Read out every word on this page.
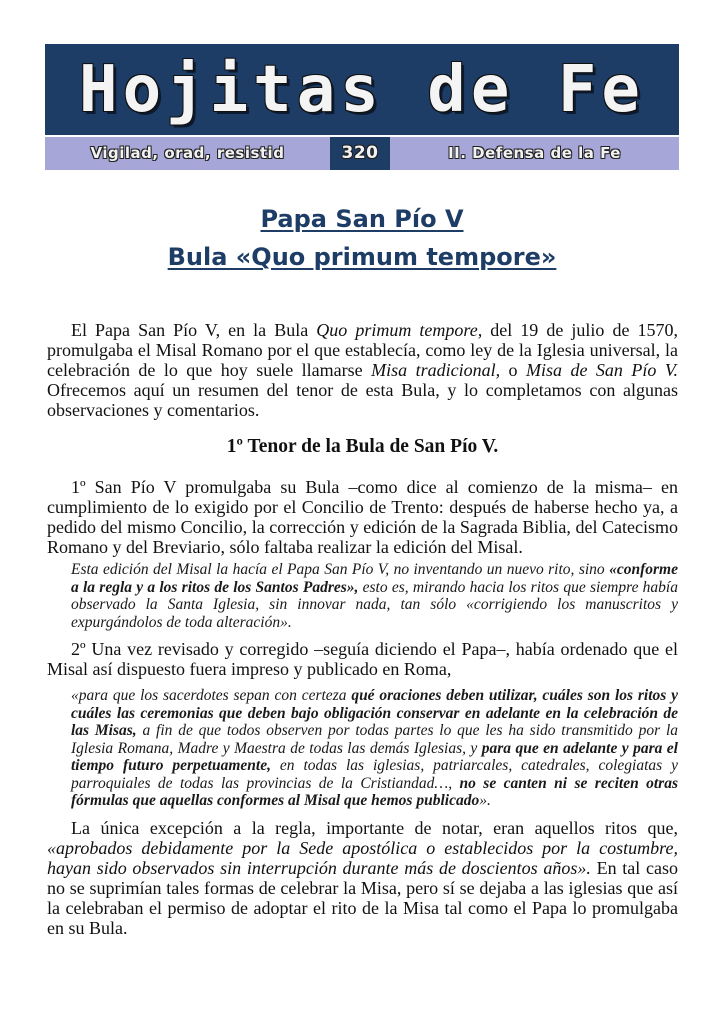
Hojitas de Fe
Vigilad, orad, resistid	320	II. Defensa de la Fe
Papa San Pío V
Bula «Quo primum tempore»

El Papa San Pío V, en la Bula Quo primum tempore, del 19 de julio de 1570, promulgaba el Misal Romano por el que establecía, como ley de la Iglesia universal, la celebración de lo que hoy suele llamarse Misa tradicional, o Misa de San Pío V. Ofrecemos aquí un resumen del tenor de esta Bula, y lo completamos con algunas observaciones y comentarios.

1º Tenor de la Bula de San Pío V.

1º San Pío V promulgaba su Bula –como dice al comienzo de la misma– en cumplimiento de lo exigido por el Concilio de Trento: después de haberse hecho ya, a pedido del mismo Concilio, la corrección y edición de la Sagrada Biblia, del Catecismo Romano y del Breviario, sólo faltaba realizar la edición del Misal.

Esta edición del Misal la hacía el Papa San Pío V, no inventando un nuevo rito, sino «conforme a la regla y a los ritos de los Santos Padres», esto es, mirando hacia los ritos que siempre había observado la Santa Iglesia, sin innovar nada, tan sólo «corrigiendo los manuscritos y expurgándolos de toda alteración».

2º Una vez revisado y corregido –seguía diciendo el Papa–, había ordenado que el Misal así dispuesto fuera impreso y publicado en Roma,

«para que los sacerdotes sepan con certeza qué oraciones deben utilizar, cuáles son los ritos y cuáles las ceremonias que deben bajo obligación conservar en adelante en la celebración de las Misas, a fin de que todos observen por todas partes lo que les ha sido transmitido por la Iglesia Romana, Madre y Maestra de todas las demás Iglesias, y para que en adelante y para el tiempo futuro perpetuamente, en todas las iglesias, patriarcales, catedrales, colegiatas y parroquiales de todas las provincias de la Cristiandad…, no se canten ni se reciten otras fórmulas que aquellas conformes al Misal que hemos publicado».

La única excepción a la regla, importante de notar, eran aquellos ritos que, «aprobados debidamente por la Sede apostólica o establecidos por la costumbre, hayan sido observados sin interrupción durante más de doscientos años». En tal caso no se suprimían tales formas de celebrar la Misa, pero sí se dejaba a las iglesias que así la celebraban el permiso de adoptar el rito de la Misa tal como el Papa lo promulgaba en su Bula.
